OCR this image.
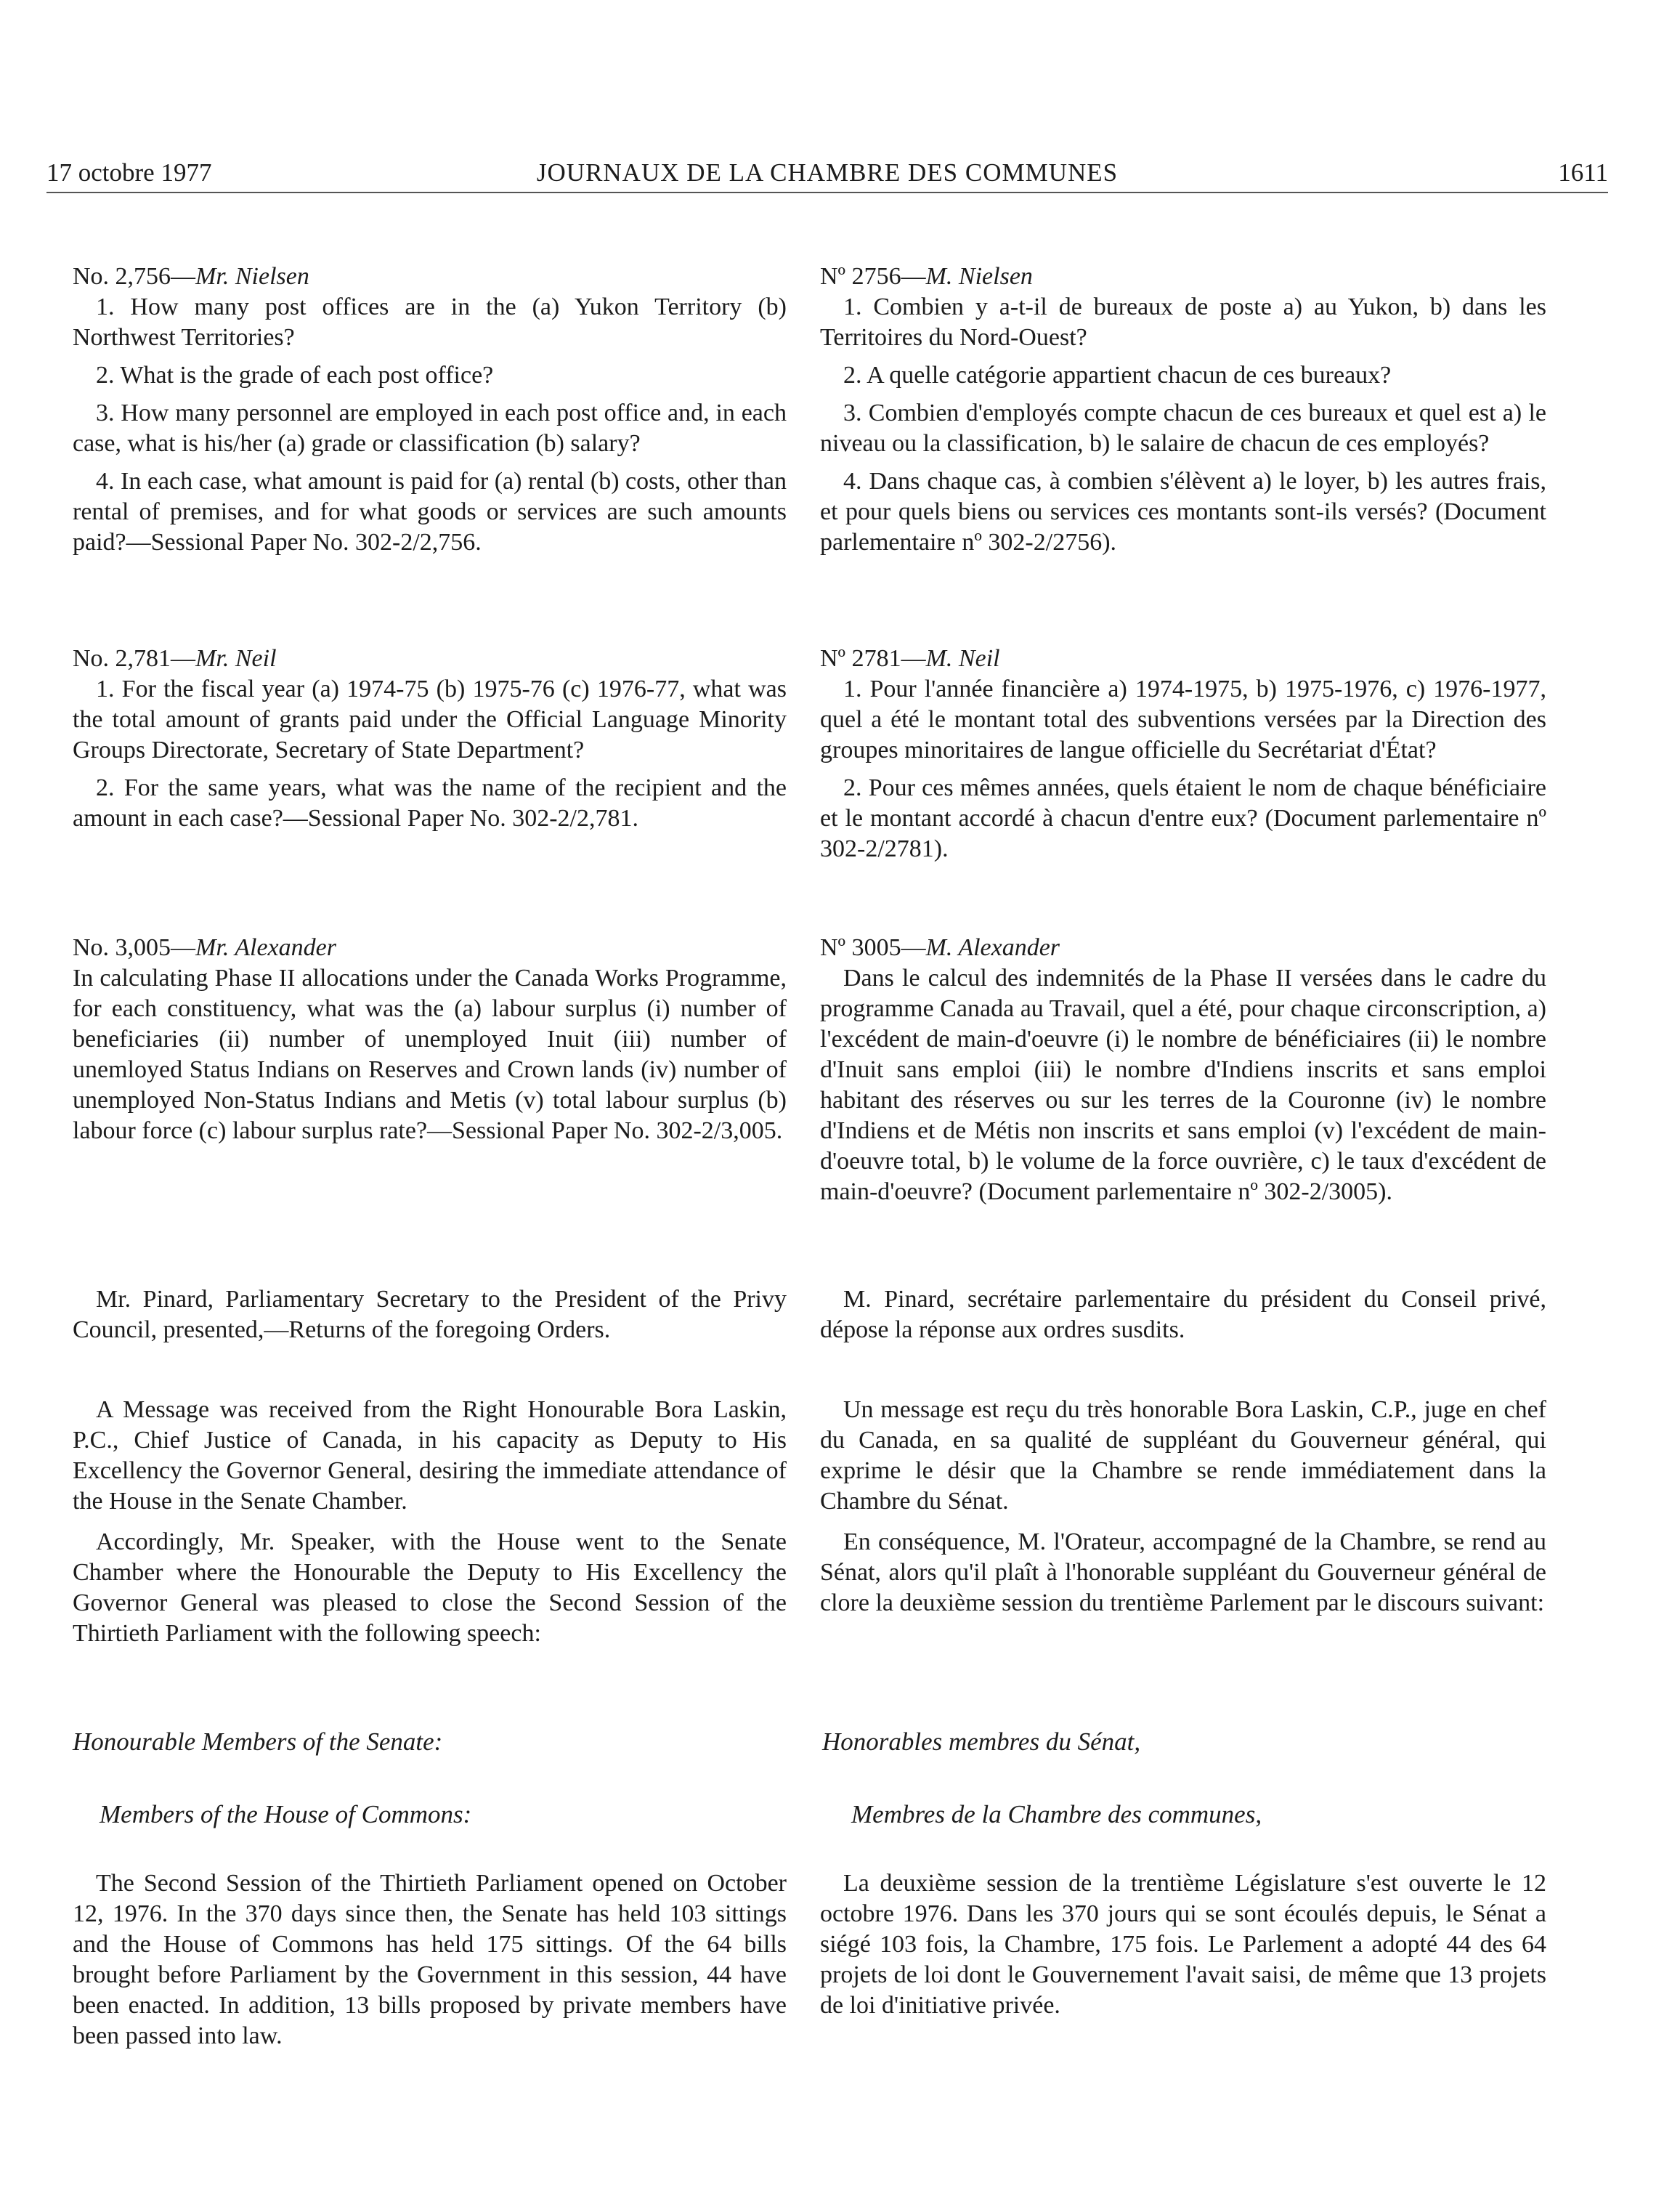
17 octobre 1977	JOURNAUX DE LA CHAMBRE DES COMMUNES	1611

No. 2,756—Mr. Nielsen

1. How many post offices are in the (a) Yukon Territory (b) Northwest Territories?

2. What is the grade of each post office?

3. How many personnel are employed in each post office and, in each case, what is his/her (a) grade or classification (b) salary?

4. In each case, what amount is paid for (a) rental (b) costs, other than rental of premises, and for what goods or services are such amounts paid?—Sessional Paper No. 302-2/2,756.

No. 2,781—Mr. Neil

1. For the fiscal year (a) 1974-75 (b) 1975-76 (c) 1976-77, what was the total amount of grants paid under the Official Language Minority Groups Directorate, Secretary of State Department?

2. For the same years, what was the name of the recipient and the amount in each case?—Sessional Paper No. 302-2/2,781.

No. 3,005—Mr. Alexander

In calculating Phase II allocations under the Canada Works Programme, for each constituency, what was the (a) labour surplus (i) number of beneficiaries (ii) number of unemployed Inuit (iii) number of unemloyed Status Indians on Reserves and Crown lands (iv) number of unemployed Non-Status Indians and Metis (v) total labour surplus (b) labour force (c) labour surplus rate?—Sessional Paper No. 302-2/3,005.

Mr. Pinard, Parliamentary Secretary to the President of the Privy Council, presented,—Returns of the foregoing Orders.

A Message was received from the Right Honourable Bora Laskin, P.C., Chief Justice of Canada, in his capacity as Deputy to His Excellency the Governor General, desiring the immediate attendance of the House in the Senate Chamber.

Accordingly, Mr. Speaker, with the House went to the Senate Chamber where the Honourable the Deputy to His Excellency the Governor General was pleased to close the Second Session of the Thirtieth Parliament with the following speech:

Honourable Members of the Senate:
Members of the House of Commons:

The Second Session of the Thirtieth Parliament opened on October 12, 1976. In the 370 days since then, the Senate has held 103 sittings and the House of Commons has held 175 sittings. Of the 64 bills brought before Parliament by the Government in this session, 44 have been enacted. In addition, 13 bills proposed by private members have been passed into law.

Nº 2756—M. Nielsen

1. Combien y a-t-il de bureaux de poste a) au Yukon, b) dans les Territoires du Nord-Ouest?

2. A quelle catégorie appartient chacun de ces bureaux?

3. Combien d'employés compte chacun de ces bureaux et quel est a) le niveau ou la classification, b) le salaire de chacun de ces employés?

4. Dans chaque cas, à combien s'élèvent a) le loyer, b) les autres frais, et pour quels biens ou services ces montants sont-ils versés? (Document parlementaire nº 302-2/2756).

Nº 2781—M. Neil

1. Pour l'année financière a) 1974-1975, b) 1975-1976, c) 1976-1977, quel a été le montant total des subventions versées par la Direction des groupes minoritaires de langue officielle du Secrétariat d'État?

2. Pour ces mêmes années, quels étaient le nom de chaque bénéficiaire et le montant accordé à chacun d'entre eux? (Document parlementaire nº 302-2/2781).

Nº 3005—M. Alexander

Dans le calcul des indemnités de la Phase II versées dans le cadre du programme Canada au Travail, quel a été, pour chaque circonscription, a) l'excédent de main-d'oeuvre (i) le nombre de bénéficiaires (ii) le nombre d'Inuit sans emploi (iii) le nombre d'Indiens inscrits et sans emploi habitant des réserves ou sur les terres de la Couronne (iv) le nombre d'Indiens et de Métis non inscrits et sans emploi (v) l'excédent de main-d'oeuvre total, b) le volume de la force ouvrière, c) le taux d'excédent de main-d'oeuvre? (Document parlementaire nº 302-2/3005).

M. Pinard, secrétaire parlementaire du président du Conseil privé, dépose la réponse aux ordres susdits.

Un message est reçu du très honorable Bora Laskin, C.P., juge en chef du Canada, en sa qualité de suppléant du Gouverneur général, qui exprime le désir que la Chambre se rende immédiatement dans la Chambre du Sénat.

En conséquence, M. l'Orateur, accompagné de la Chambre, se rend au Sénat, alors qu'il plaît à l'honorable suppléant du Gouverneur général de clore la deuxième session du trentième Parlement par le discours suivant:

Honorables membres du Sénat,
Membres de la Chambre des communes,

La deuxième session de la trentième Législature s'est ouverte le 12 octobre 1976. Dans les 370 jours qui se sont écoulés depuis, le Sénat a siégé 103 fois, la Chambre, 175 fois. Le Parlement a adopté 44 des 64 projets de loi dont le Gouvernement l'avait saisi, de même que 13 projets de loi d'initiative privée.
